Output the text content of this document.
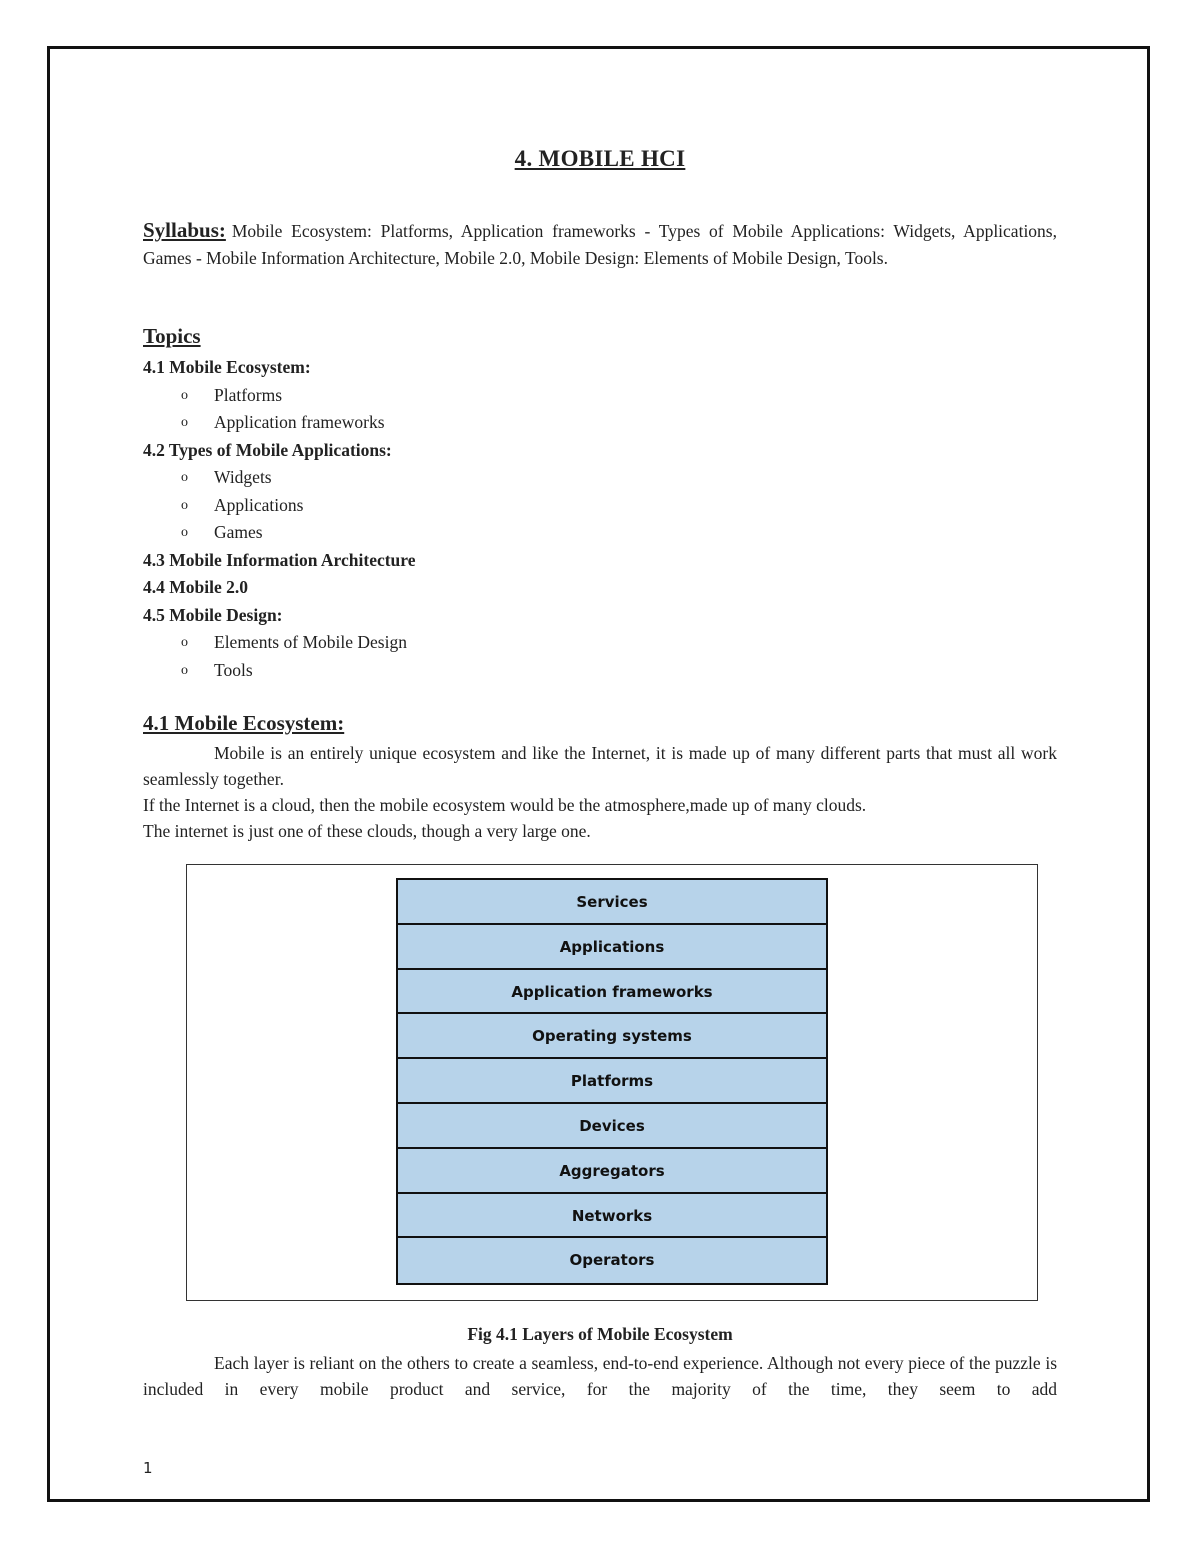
4. MOBILE HCI
Syllabus: Mobile Ecosystem: Platforms, Application frameworks - Types of Mobile Applications: Widgets, Applications, Games - Mobile Information Architecture, Mobile 2.0, Mobile Design: Elements of Mobile Design, Tools.
Topics
4.1 Mobile Ecosystem:
o Platforms
o Application frameworks
4.2 Types of Mobile Applications:
o Widgets
o Applications
o Games
4.3 Mobile Information Architecture
4.4 Mobile 2.0
4.5 Mobile Design:
o Elements of Mobile Design
o Tools
4.1 Mobile Ecosystem:
Mobile is an entirely unique ecosystem and like the Internet, it is made up of many different parts that must all work seamlessly together.
If the Internet is a cloud, then the mobile ecosystem would be the atmosphere,made up of many clouds.
The internet is just one of these clouds, though a very large one.
Fig 4.1 Layers of Mobile Ecosystem
Each layer is reliant on the others to create a seamless, end-to-end experience. Although not every piece of the puzzle is included in every mobile product and service, for the majority of the time, they seem to add
Services
Applications
Application frameworks
Operating systems
Platforms
Devices
Aggregators
Networks
Operators
1
